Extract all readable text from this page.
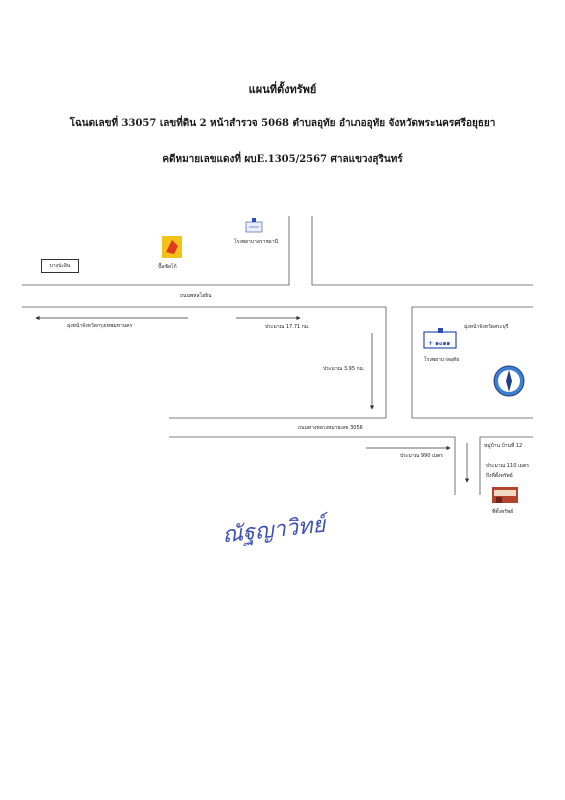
แผนที่ตั้งทรัพย์
โฉนดเลขที่ 33057 เลขที่ดิน 2 หน้าสำรวจ 5068 ตำบลอุทัย อำเภออุทัย จังหวัดพระนครศรีอยุธยา
คดีหมายเลขแดงที่ ผบE.1305/2567 ศาลแขวงสุรินทร์
บางปะอิน
โรงพยาบาลราชธานี
ปั๊มซัสโก้
ถนนพหลโยธิน
มุ่งหน้าจังหวัดกรุงเทพมหานคร	ประมาณ 17.71 กม.	มุ่งหน้าจังหวัดสระบุรี
โรงพยาบาลอุทัย
ประมาณ 3.95 กม.
ถนนทางหลวงหมายเลข 3056
ประมาณ 990 เมตร
หมู่บ้าน บ้านที่ 12
ประมาณ 110 เมตร
ถึงที่ตั้งทรัพย์
ที่ตั้งทรัพย์
+ ๑๐๑๑
ณัฐญาวิทย์
